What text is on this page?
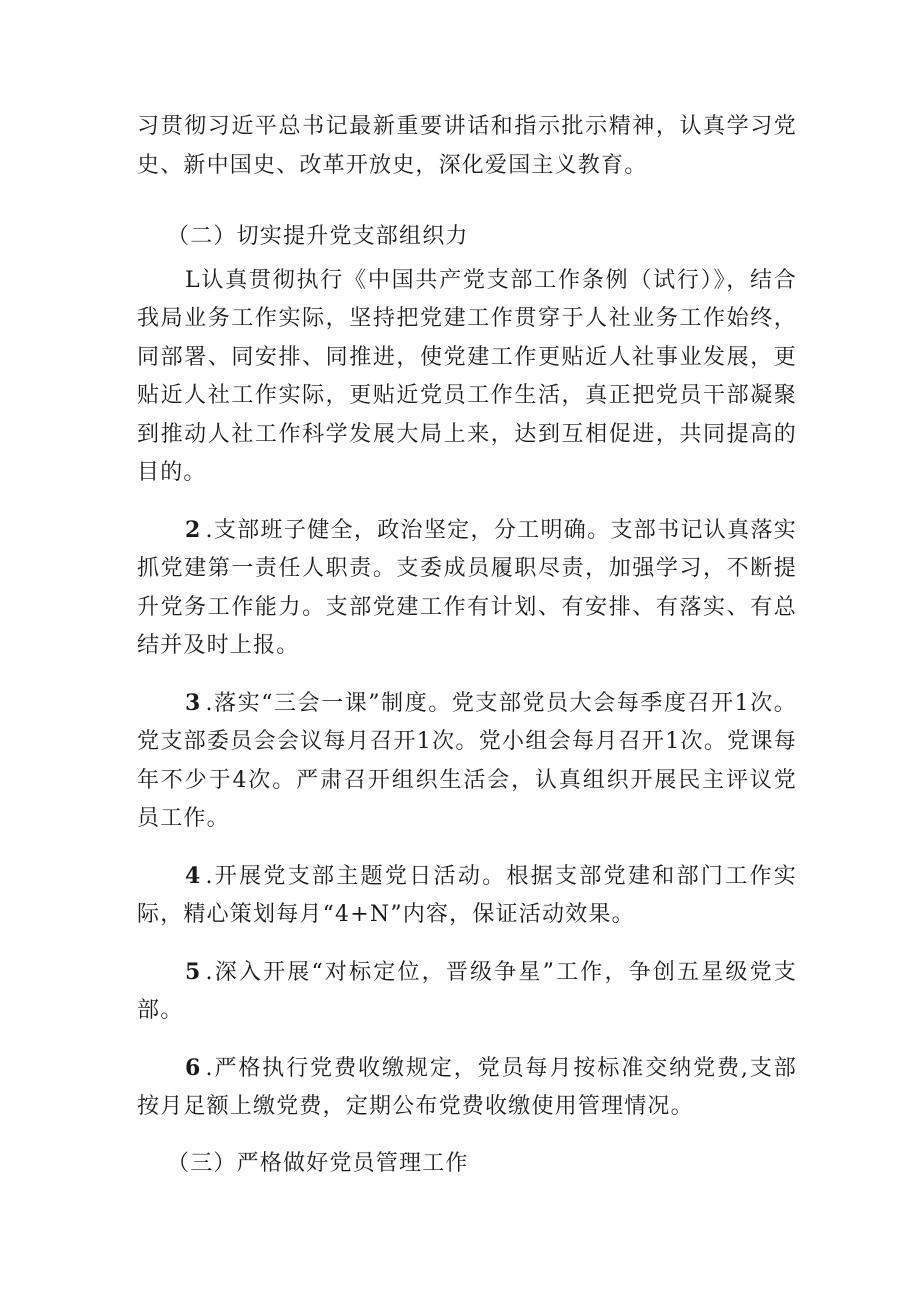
习贯彻习近平总书记最新重要讲话和指示批示精神，认真学习党史、新中国史、改革开放史，深化爱国主义教育。

（二）切实提升党支部组织力

L认真贯彻执行《中国共产党支部工作条例（试行）》，结合我局业务工作实际，坚持把党建工作贯穿于人社业务工作始终，同部署、同安排、同推进，使党建工作更贴近人社事业发展，更贴近人社工作实际，更贴近党员工作生活，真正把党员干部凝聚到推动人社工作科学发展大局上来，达到互相促进，共同提高的目的。

2 .支部班子健全，政治坚定，分工明确。支部书记认真落实抓党建第一责任人职责。支委成员履职尽责，加强学习，不断提升党务工作能力。支部党建工作有计划、有安排、有落实、有总结并及时上报。

3 .落实“三会一课”制度。党支部党员大会每季度召开1次。党支部委员会会议每月召开1次。党小组会每月召开1次。党课每年不少于4次。严肃召开组织生活会，认真组织开展民主评议党员工作。

4 .开展党支部主题党日活动。根据支部党建和部门工作实际，精心策划每月“4+N”内容，保证活动效果。

5 .深入开展“对标定位，晋级争星”工作，争创五星级党支部。

6 .严格执行党费收缴规定，党员每月按标准交纳党费,支部按月足额上缴党费，定期公布党费收缴使用管理情况。

（三）严格做好党员管理工作
